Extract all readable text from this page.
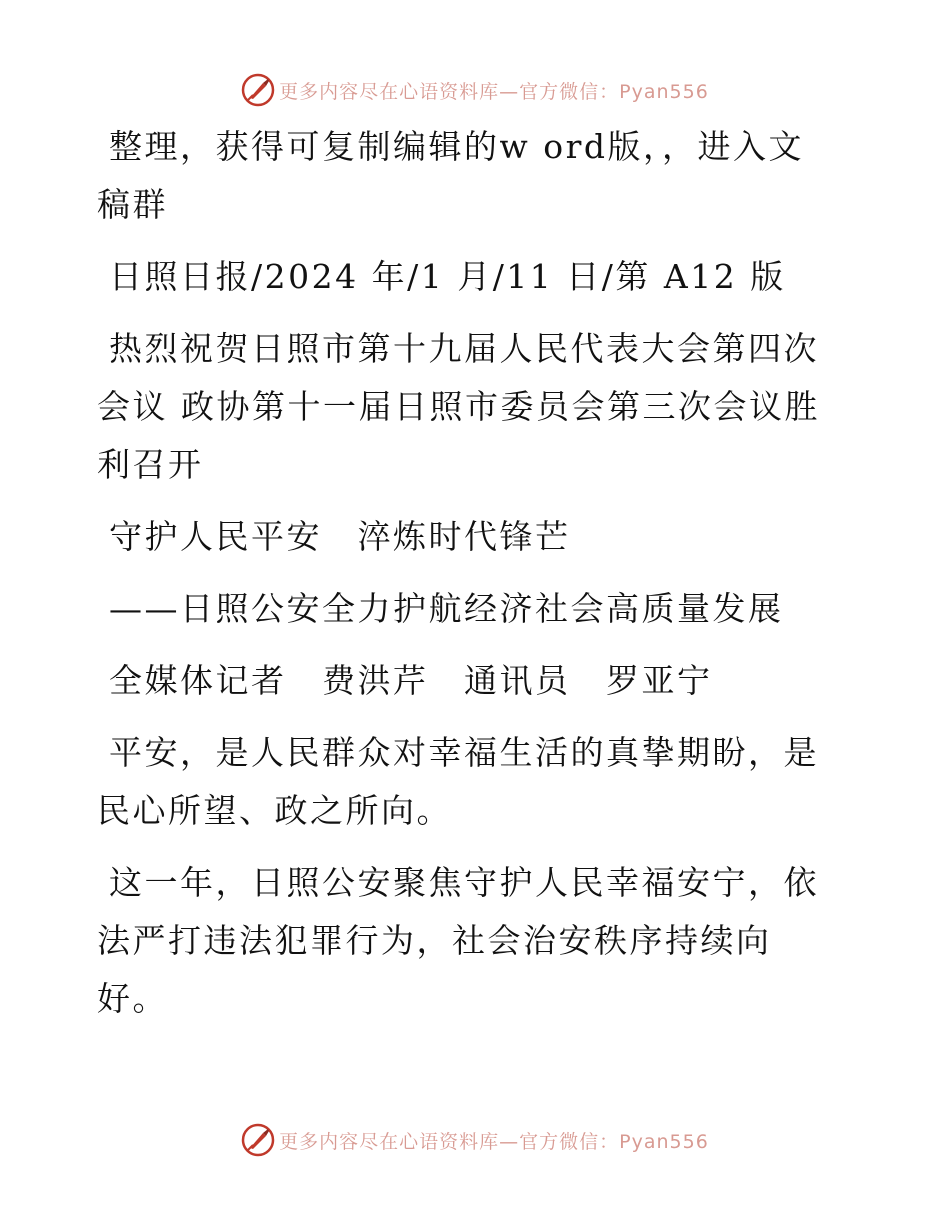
更多内容尽在心语资料库—官方微信：Pyan556

整理，获得可复制编辑的w ord版，，进入文稿群

日照日报/2024 年/1 月/11 日/第 A12 版

热烈祝贺日照市第十九届人民代表大会第四次会议 政协第十一届日照市委员会第三次会议胜利召开

守护人民平安　淬炼时代锋芒

——日照公安全力护航经济社会高质量发展

全媒体记者　费洪芹　通讯员　罗亚宁

平安，是人民群众对幸福生活的真挚期盼，是民心所望、政之所向。

这一年，日照公安聚焦守护人民幸福安宁，依法严打违法犯罪行为，社会治安秩序持续向好。

更多内容尽在心语资料库—官方微信：Pyan556
